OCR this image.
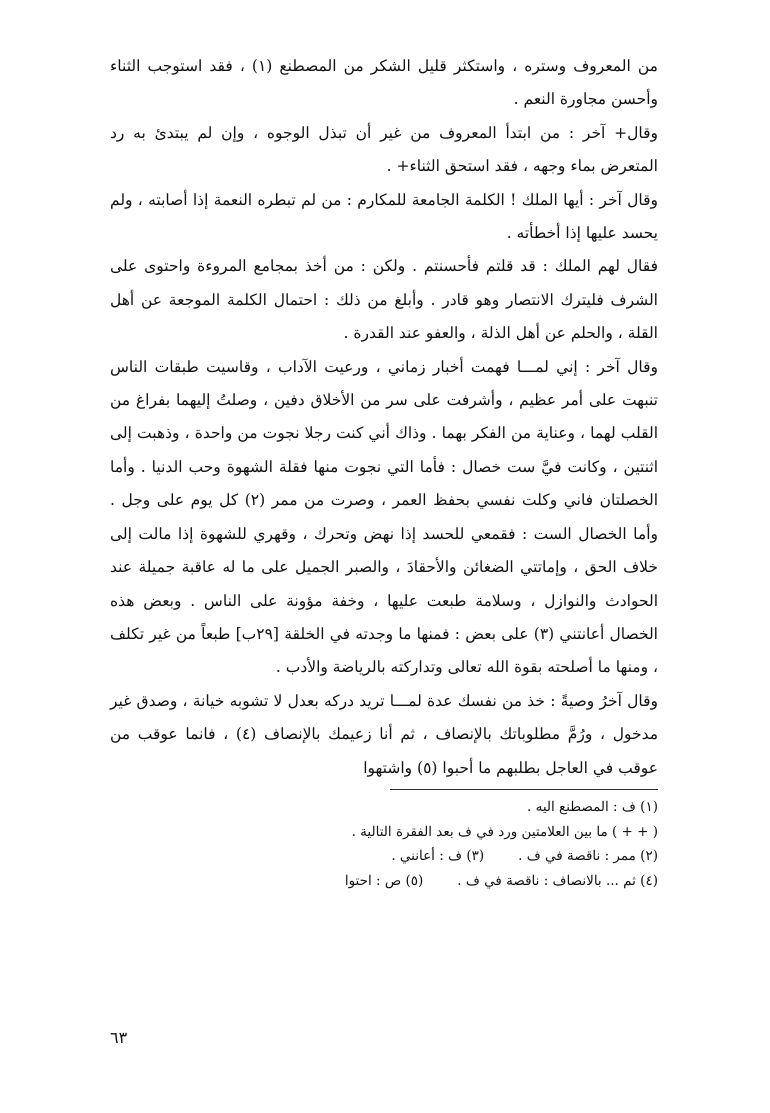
من المعروف وستره ، واستكثر قليل الشكر من المصطنع (١) ، فقد استوجب الثناء وأحسن مجاورة النعم .

وقال+ آخر : من ابتدأ المعروف من غير أن تبذل الوجوه ، وإن لم يبتدئ به رد المتعرض بماء وجهه ، فقد استحق الثناء+ .

وقال آخر : أيها الملك ! الكلمة الجامعة للمكارم : من لم تبطره النعمة إذا أصابته ، ولم يحسد عليها إذا أخطأته .

فقال لهم الملك : قد قلتم فأحسنتم . ولكن : من أخذ بمجامع المروءة واحتوى على الشرف فليترك الانتصار وهو قادر . وأبلغ من ذلك : احتمال الكلمة الموجعة عن أهل القلة ، والحلم عن أهل الذلة ، والعفو عند القدرة .

وقال آخر : إني لمـــا فهمت أخبار زماني ، ورعيت الآداب ، وقاسيت طبقات الناس تنبهت على أمر عظيم ، وأشرفت على سر من الأخلاق دفين ، وصلتُ إليهما بفراغ من القلب لهما ، وعناية من الفكر بهما . وذاك أني كنت رجلا نجوت من واحدة ، وذهبت إلى اثنتين ، وكانت فيَّ ست خصال : فأما التي نجوت منها فقلة الشهوة وحب الدنيا . وأما الخصلتان فاني وكلت نفسي بحفظ العمر ، وصرت من ممر (٢) كل يوم على وجل . وأما الخصال الست : فقمعي للحسد إذا نهض وتحرك ، وقهري للشهوة إذا مالت إلى خلاف الحق ، وإماتتي الضغائن والأحقادَ ، والصبر الجميل على ما له عاقبة جميلة عند الحوادث والنوازل ، وسلامة طبعت عليها ، وخفة مؤونة على الناس . وبعض هذه الخصال أعانتني (٣) على بعض : فمنها ما وجدته في الخلقة [٢٩ب] طبعاً من غير تكلف ، ومنها ما أصلحته بقوة الله تعالى وتداركته بالرياضة والأدب .

وقال آخرُ وصيةً : خذ من نفسك عدة لمـــا تريد دركه بعدل لا تشوبه خيانة ، وصدق غير مدخول ، ورُمَّ مطلوباتك بالإنصاف ، ثم أنا زعيمك بالإنصاف (٤) ، فانما عوقب من عوقب في العاجل بطلبهم ما أحبوا (٥) واشتهوا

(١) ف : المصطنع اليه .
( + + ) ما بين العلامتين ورد في ف بعد الفقرة التالية .
(٢) ممر : ناقصة في ف .(٣) ف : أعانني .
(٤) ثم ... بالانصاف : ناقصة في ف .(٥) ص : احتوا
٦٣
